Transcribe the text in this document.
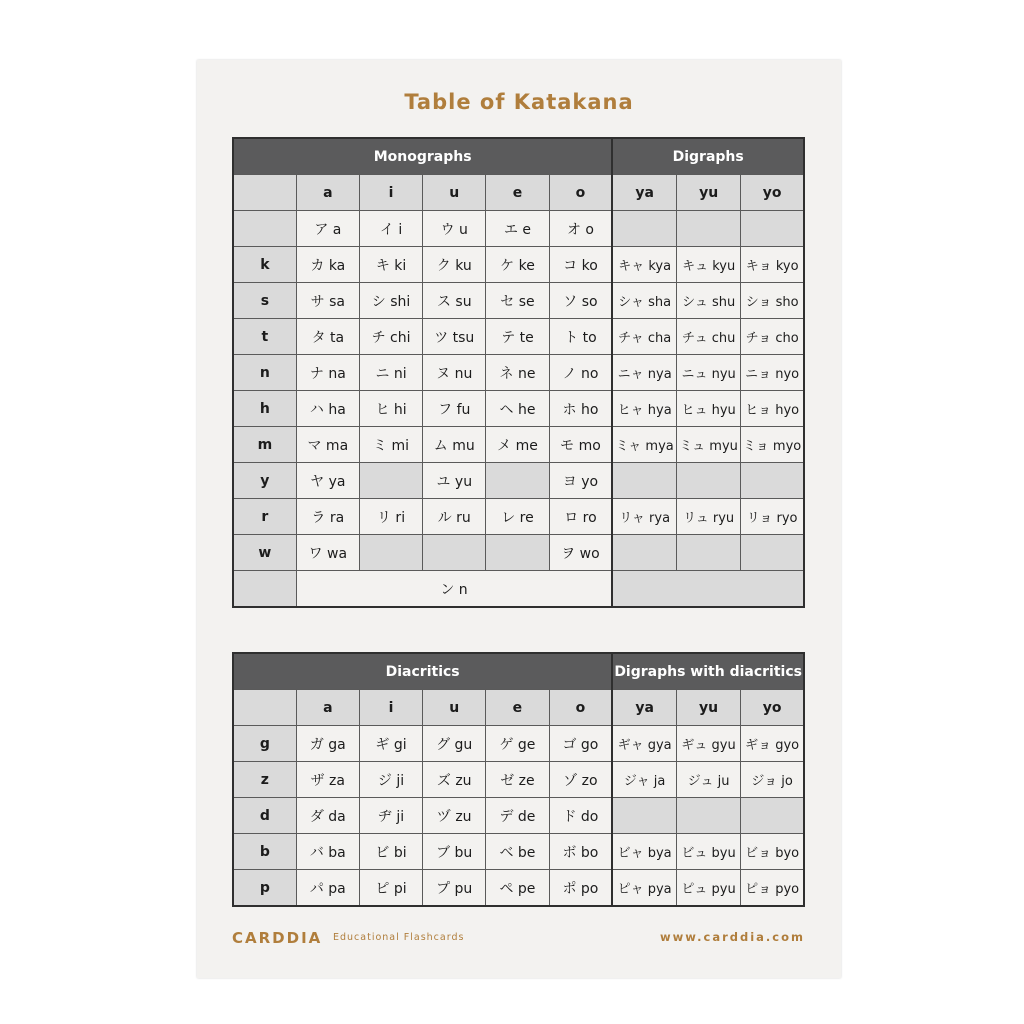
Table of Katakana
Monographs						Digraphs		
	a	i	u	e	o	ya	yu	yo
	ア a	イ i	ウ u	エ e	オ o			
k	カ ka	キ ki	ク ku	ケ ke	コ ko	キャ kya	キュ kyu	キョ kyo
s	サ sa	シ shi	ス su	セ se	ソ so	シャ sha	シュ shu	ショ sho
t	タ ta	チ chi	ツ tsu	テ te	ト to	チャ cha	チュ chu	チョ cho
n	ナ na	ニ ni	ヌ nu	ネ ne	ノ no	ニャ nya	ニュ nyu	ニョ nyo
h	ハ ha	ヒ hi	フ fu	ヘ he	ホ ho	ヒャ hya	ヒュ hyu	ヒョ hyo
m	マ ma	ミ mi	ム mu	メ me	モ mo	ミャ mya	ミュ myu	ミョ myo
y	ヤ ya		ユ yu		ヨ yo			
r	ラ ra	リ ri	ル ru	レ re	ロ ro	リャ rya	リュ ryu	リョ ryo
w	ワ wa				ヲ wo			
	ン n							
Diacritics						Digraphs with diacritics		
	a	i	u	e	o	ya	yu	yo
g	ガ ga	ギ gi	グ gu	ゲ ge	ゴ go	ギャ gya	ギュ gyu	ギョ gyo
z	ザ za	ジ ji	ズ zu	ゼ ze	ゾ zo	ジャ ja	ジュ ju	ジョ jo
d	ダ da	ヂ ji	ヅ zu	デ de	ド do			
b	バ ba	ビ bi	ブ bu	ベ be	ボ bo	ビャ bya	ビュ byu	ビョ byo
p	パ pa	ピ pi	プ pu	ペ pe	ポ po	ピャ pya	ピュ pyu	ピョ pyo
CARDDIA Educational Flashcards	www.carddia.com
